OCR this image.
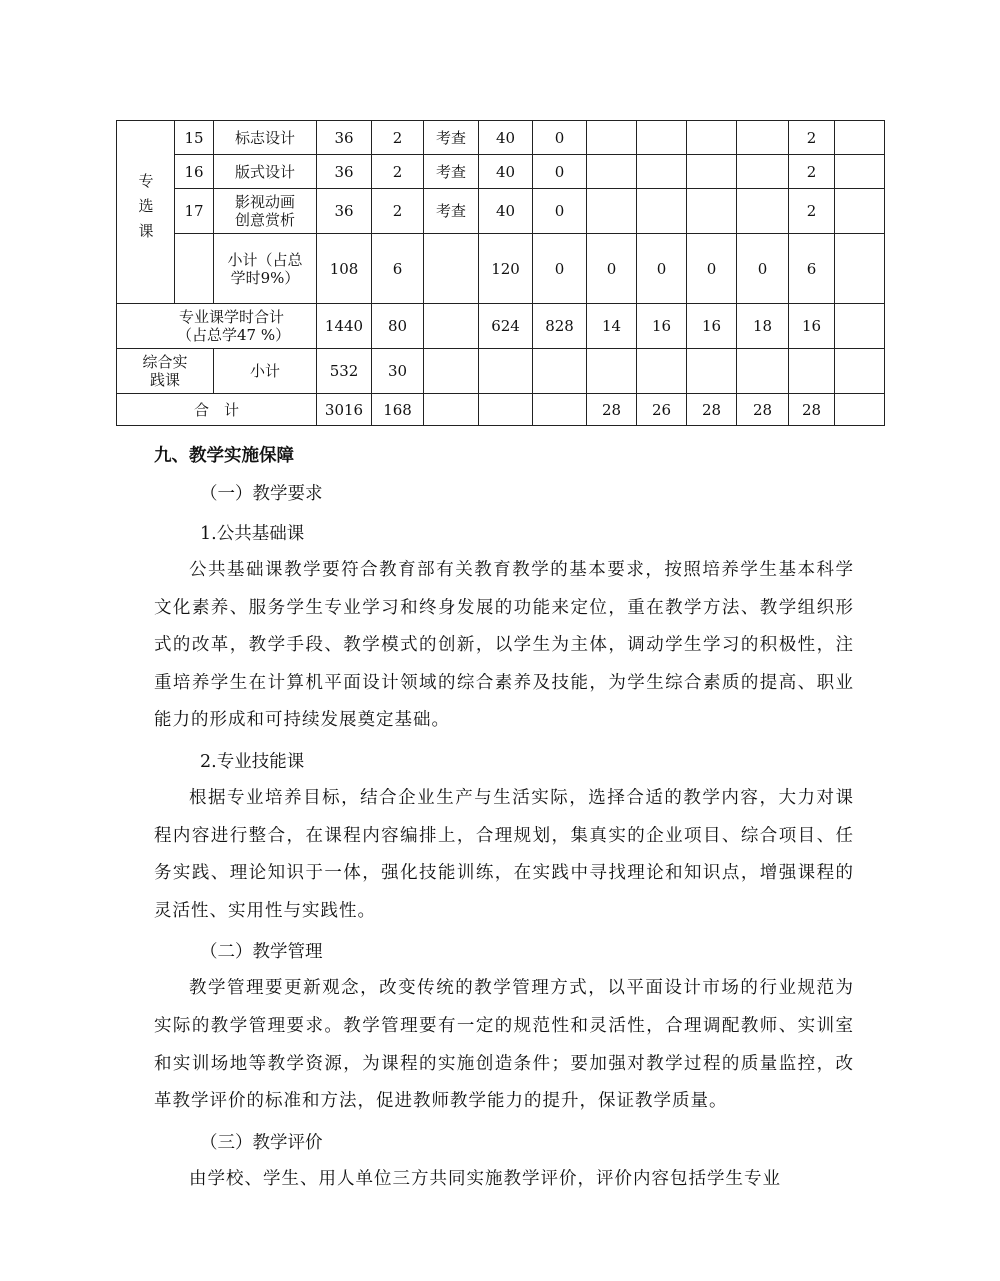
专选课	15	标志设计	36	2	考查	40	0					2	
	16	版式设计	36	2	考查	40	0					2	
	17	影视动画创意赏析	36	2	考查	40	0					2	
		小计（占总学时9%）	108	6		120	0	0	0	0	0	6	
专业课学时合计（占总学47 %）			1440	80		624	828	14	16	16	18	16	
综合实践课		小计	532	30									
合　计			3016	168				28	26	28	28	28	
九、教学实施保障
（一）教学要求
1.公共基础课

公共基础课教学要符合教育部有关教育教学的基本要求，按照培养学生基本科学文化素养、服务学生专业学习和终身发展的功能来定位，重在教学方法、教学组织形式的改革，教学手段、教学模式的创新，以学生为主体，调动学生学习的积极性，注重培养学生在计算机平面设计领域的综合素养及技能，为学生综合素质的提高、职业能力的形成和可持续发展奠定基础。

2.专业技能课

根据专业培养目标，结合企业生产与生活实际，选择合适的教学内容，大力对课程内容进行整合，在课程内容编排上，合理规划，集真实的企业项目、综合项目、任务实践、理论知识于一体，强化技能训练，在实践中寻找理论和知识点，增强课程的灵活性、实用性与实践性。

（二）教学管理

教学管理要更新观念，改变传统的教学管理方式，以平面设计市场的行业规范为实际的教学管理要求。教学管理要有一定的规范性和灵活性，合理调配教师、实训室和实训场地等教学资源，为课程的实施创造条件；要加强对教学过程的质量监控，改革教学评价的标准和方法，促进教师教学能力的提升，保证教学质量。

（三）教学评价

由学校、学生、用人单位三方共同实施教学评价，评价内容包括学生专业
